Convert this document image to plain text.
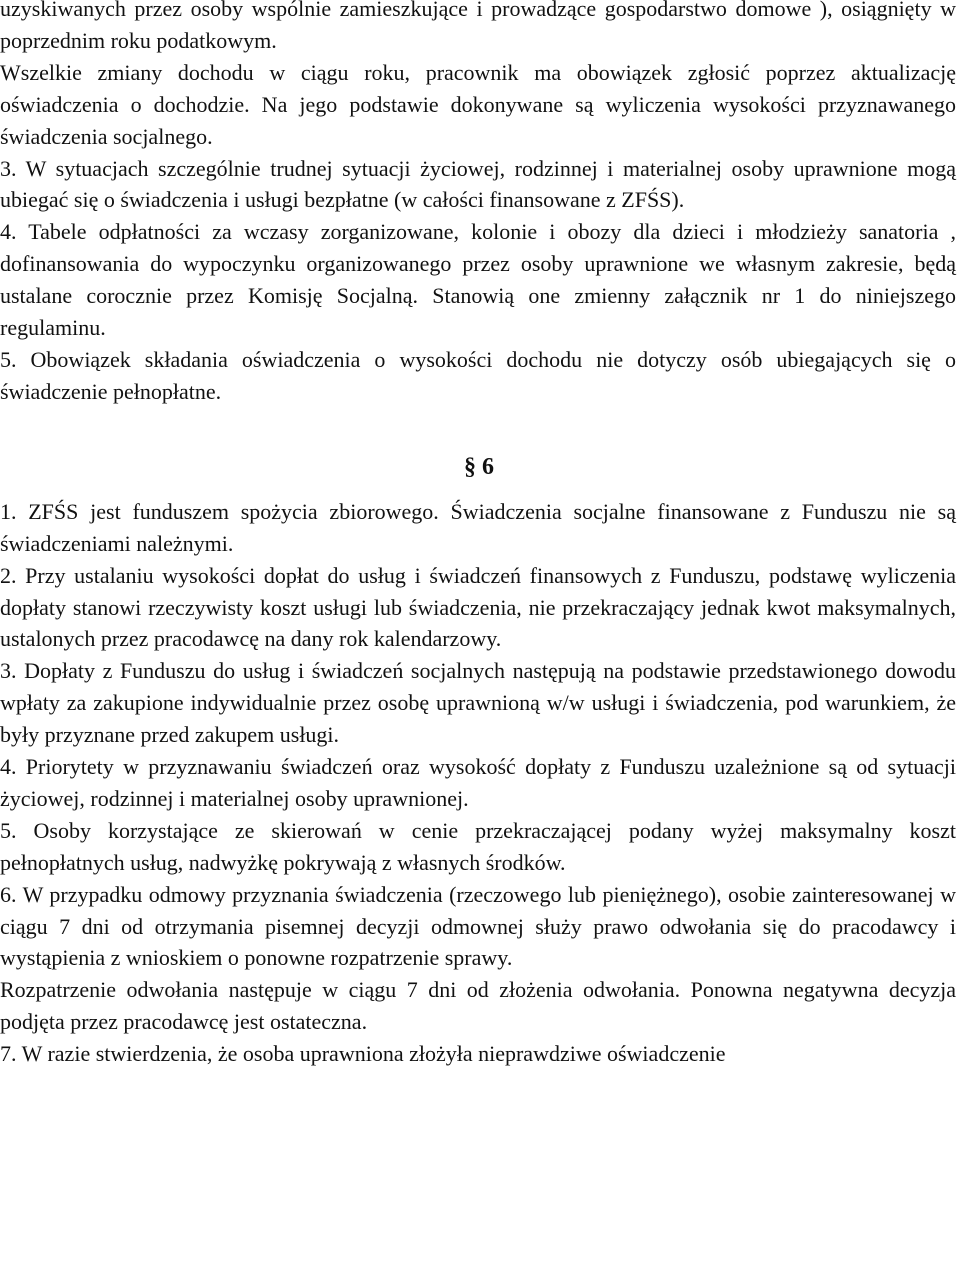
uzyskiwanych przez osoby wspólnie zamieszkujące i prowadzące gospodarstwo domowe ), osiągnięty w poprzednim roku podatkowym.

Wszelkie zmiany dochodu w ciągu roku, pracownik ma obowiązek zgłosić poprzez aktualizację oświadczenia o dochodzie. Na jego podstawie dokonywane są wyliczenia wysokości przyznawanego świadczenia socjalnego.

3. W sytuacjach szczególnie trudnej sytuacji życiowej, rodzinnej i materialnej osoby uprawnione mogą ubiegać się o świadczenia i usługi bezpłatne (w całości finansowane z ZFŚS).

4. Tabele odpłatności za wczasy zorganizowane, kolonie i obozy dla dzieci i młodzieży sanatoria , dofinansowania do wypoczynku organizowanego przez osoby uprawnione we własnym zakresie, będą ustalane corocznie przez Komisję Socjalną. Stanowią one zmienny załącznik nr 1 do niniejszego regulaminu.

5. Obowiązek składania oświadczenia o wysokości dochodu nie dotyczy osób ubiegających się o świadczenie pełnopłatne.

§ 6

1. ZFŚS jest funduszem spożycia zbiorowego. Świadczenia socjalne finansowane z Funduszu nie są świadczeniami należnymi.

2. Przy ustalaniu wysokości dopłat do usług i świadczeń finansowych z Funduszu, podstawę wyliczenia dopłaty stanowi rzeczywisty koszt usługi lub świadczenia, nie przekraczający jednak kwot maksymalnych, ustalonych przez pracodawcę na dany rok kalendarzowy.

3. Dopłaty z Funduszu do usług i świadczeń socjalnych następują na podstawie przedstawionego dowodu wpłaty za zakupione indywidualnie przez osobę uprawnioną w/w usługi i świadczenia, pod warunkiem, że były przyznane przed zakupem usługi.

4. Priorytety w przyznawaniu świadczeń oraz wysokość dopłaty z Funduszu uzależnione są od sytuacji życiowej, rodzinnej i materialnej osoby uprawnionej.

5. Osoby korzystające ze skierowań w cenie przekraczającej podany wyżej maksymalny koszt pełnopłatnych usług, nadwyżkę pokrywają z własnych środków.

6. W przypadku odmowy przyznania świadczenia (rzeczowego lub pieniężnego), osobie zainteresowanej w ciągu 7 dni od otrzymania pisemnej decyzji odmownej służy prawo odwołania się do pracodawcy i wystąpienia z wnioskiem o ponowne rozpatrzenie sprawy.

Rozpatrzenie odwołania następuje w ciągu 7 dni od złożenia odwołania. Ponowna negatywna decyzja podjęta przez pracodawcę jest ostateczna.

7. W razie stwierdzenia, że osoba uprawniona złożyła nieprawdziwe oświadczenie
